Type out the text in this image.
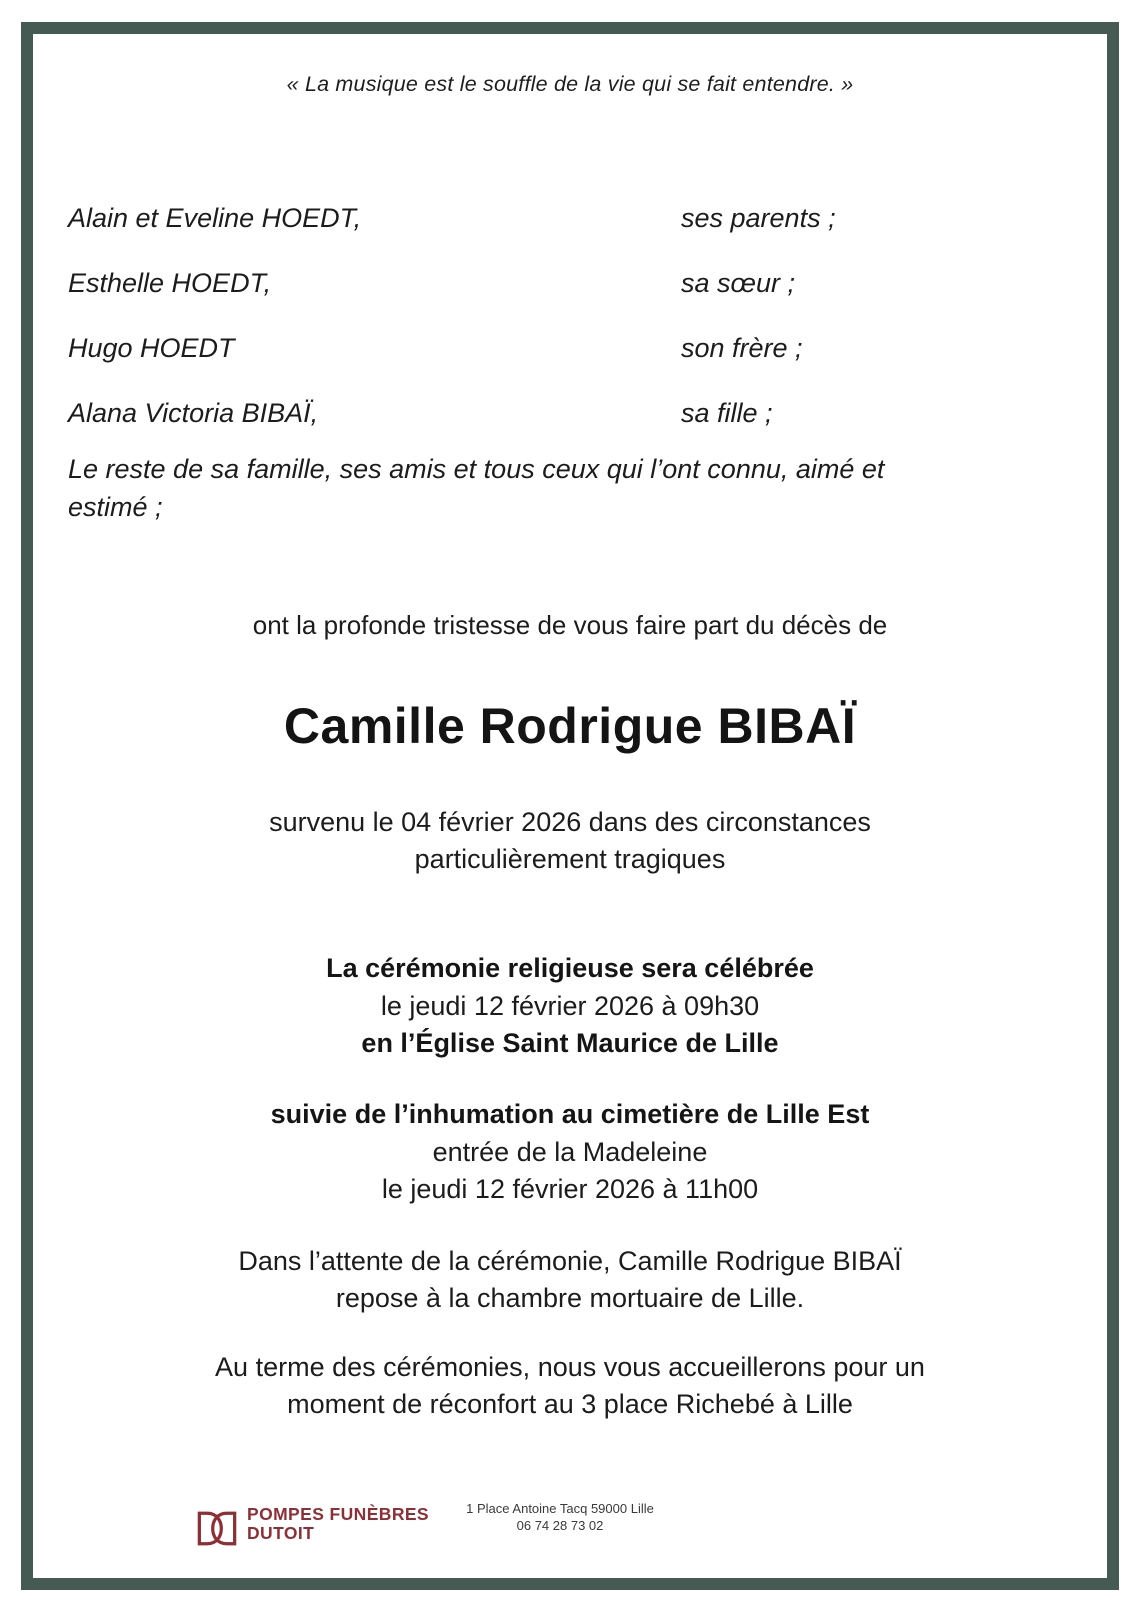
« La musique est le souffle de la vie qui se fait entendre. »
Alain et Eveline HOEDT,	ses parents ;
Esthelle HOEDT,	sa sœur ;
Hugo HOEDT	son frère ;
Alana Victoria BIBAÏ,	sa fille ;
Le reste de sa famille, ses amis et tous ceux qui l’ont connu, aimé et
estimé ;
ont la profonde tristesse de vous faire part du décès de
Camille Rodrigue BIBAÏ
survenu le 04 février 2026 dans des circonstances
particulièrement tragiques
La cérémonie religieuse sera célébrée
le jeudi 12 février 2026 à 09h30
en l’Église Saint Maurice de Lille
suivie de l’inhumation au cimetière de Lille Est
entrée de la Madeleine
le jeudi 12 février 2026 à 11h00
Dans l’attente de la cérémonie, Camille Rodrigue BIBAÏ
repose à la chambre mortuaire de Lille.
Au terme des cérémonies, nous vous accueillerons pour un
moment de réconfort au 3 place Richebé à Lille
POMPES FUNÈBRES
DUTOIT
1 Place Antoine Tacq 59000 Lille
06 74 28 73 02
